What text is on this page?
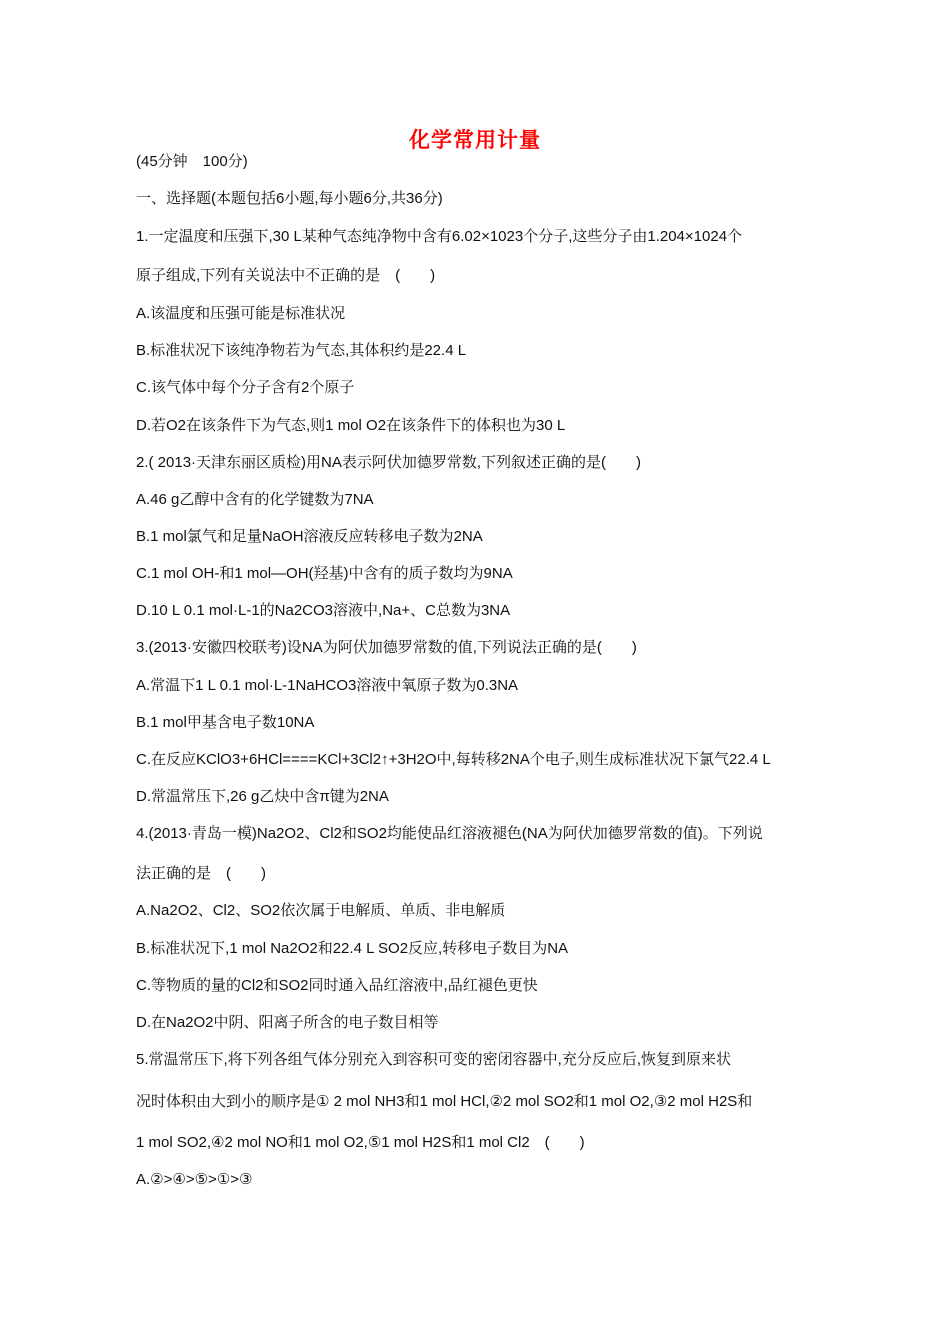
化学常用计量
(45分钟　100分)
一、选择题(本题包括6小题,每小题6分,共36分)
1.一定温度和压强下,30 L某种气态纯净物中含有6.02×1023个分子,这些分子由1.204×1024个
原子组成,下列有关说法中不正确的是　(　　)
A.该温度和压强可能是标准状况
B.标准状况下该纯净物若为气态,其体积约是22.4 L
C.该气体中每个分子含有2个原子
D.若O2在该条件下为气态,则1 mol O2在该条件下的体积也为30 L
2.( 2013·天津东丽区质检)用NA表示阿伏加德罗常数,下列叙述正确的是(　　)
A.46 g乙醇中含有的化学键数为7NA
B.1 mol氯气和足量NaOH溶液反应转移电子数为2NA
C.1 mol OH-和1 mol—OH(羟基)中含有的质子数均为9NA
D.10 L 0.1 mol·L-1的Na2CO3溶液中,Na+、C总数为3NA
3.(2013·安徽四校联考)设NA为阿伏加德罗常数的值,下列说法正确的是(　　)
A.常温下1 L 0.1 mol·L-1NaHCO3溶液中氧原子数为0.3NA
B.1 mol甲基含电子数10NA
C.在反应KClO3+6HCl====KCl+3Cl2↑+3H2O中,每转移2NA个电子,则生成标准状况下氯气22.4 L
D.常温常压下,26 g乙炔中含π键为2NA
4.(2013·青岛一模)Na2O2、Cl2和SO2均能使品红溶液褪色(NA为阿伏加德罗常数的值)。下列说
法正确的是　(　　)
A.Na2O2、Cl2、SO2依次属于电解质、单质、非电解质
B.标准状况下,1 mol Na2O2和22.4 L SO2反应,转移电子数目为NA
C.等物质的量的Cl2和SO2同时通入品红溶液中,品红褪色更快
D.在Na2O2中阴、阳离子所含的电子数目相等
5.常温常压下,将下列各组气体分别充入到容积可变的密闭容器中,充分反应后,恢复到原来状
况时体积由大到小的顺序是① 2 mol NH3和1 mol HCl,②2 mol SO2和1 mol O2,③2 mol H2S和
1 mol SO2,④2 mol NO和1 mol O2,⑤1 mol H2S和1 mol Cl2　(　　)
A.②>④>⑤>①>③
